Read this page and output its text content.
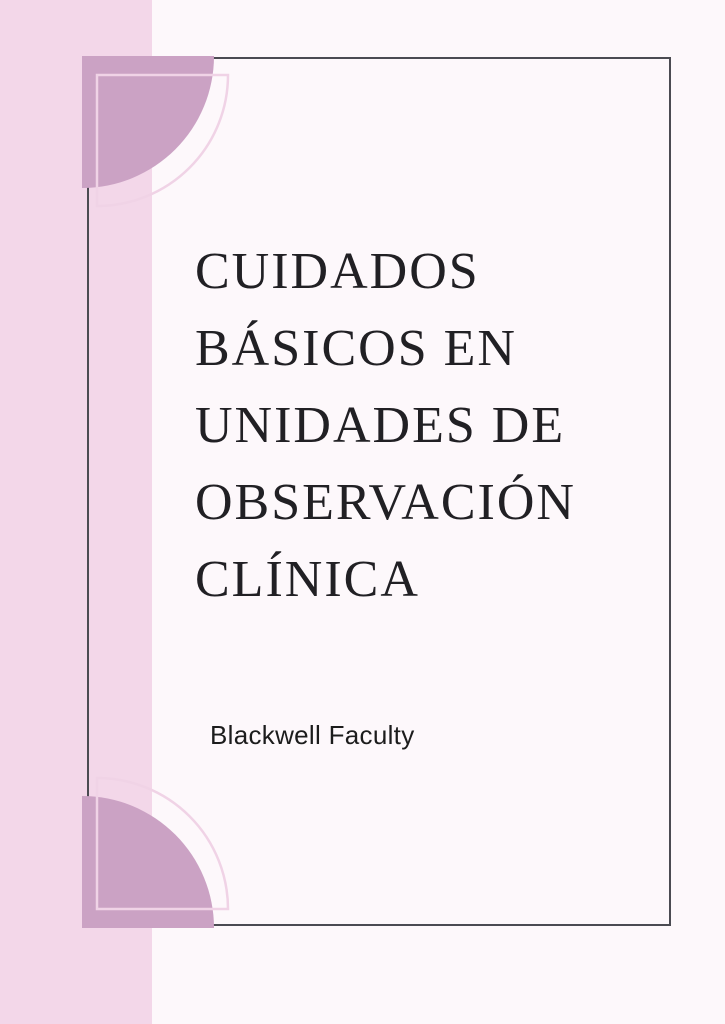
CUIDADOS
BÁSICOS EN
UNIDADES DE
OBSERVACIÓN
CLÍNICA
Blackwell Faculty
